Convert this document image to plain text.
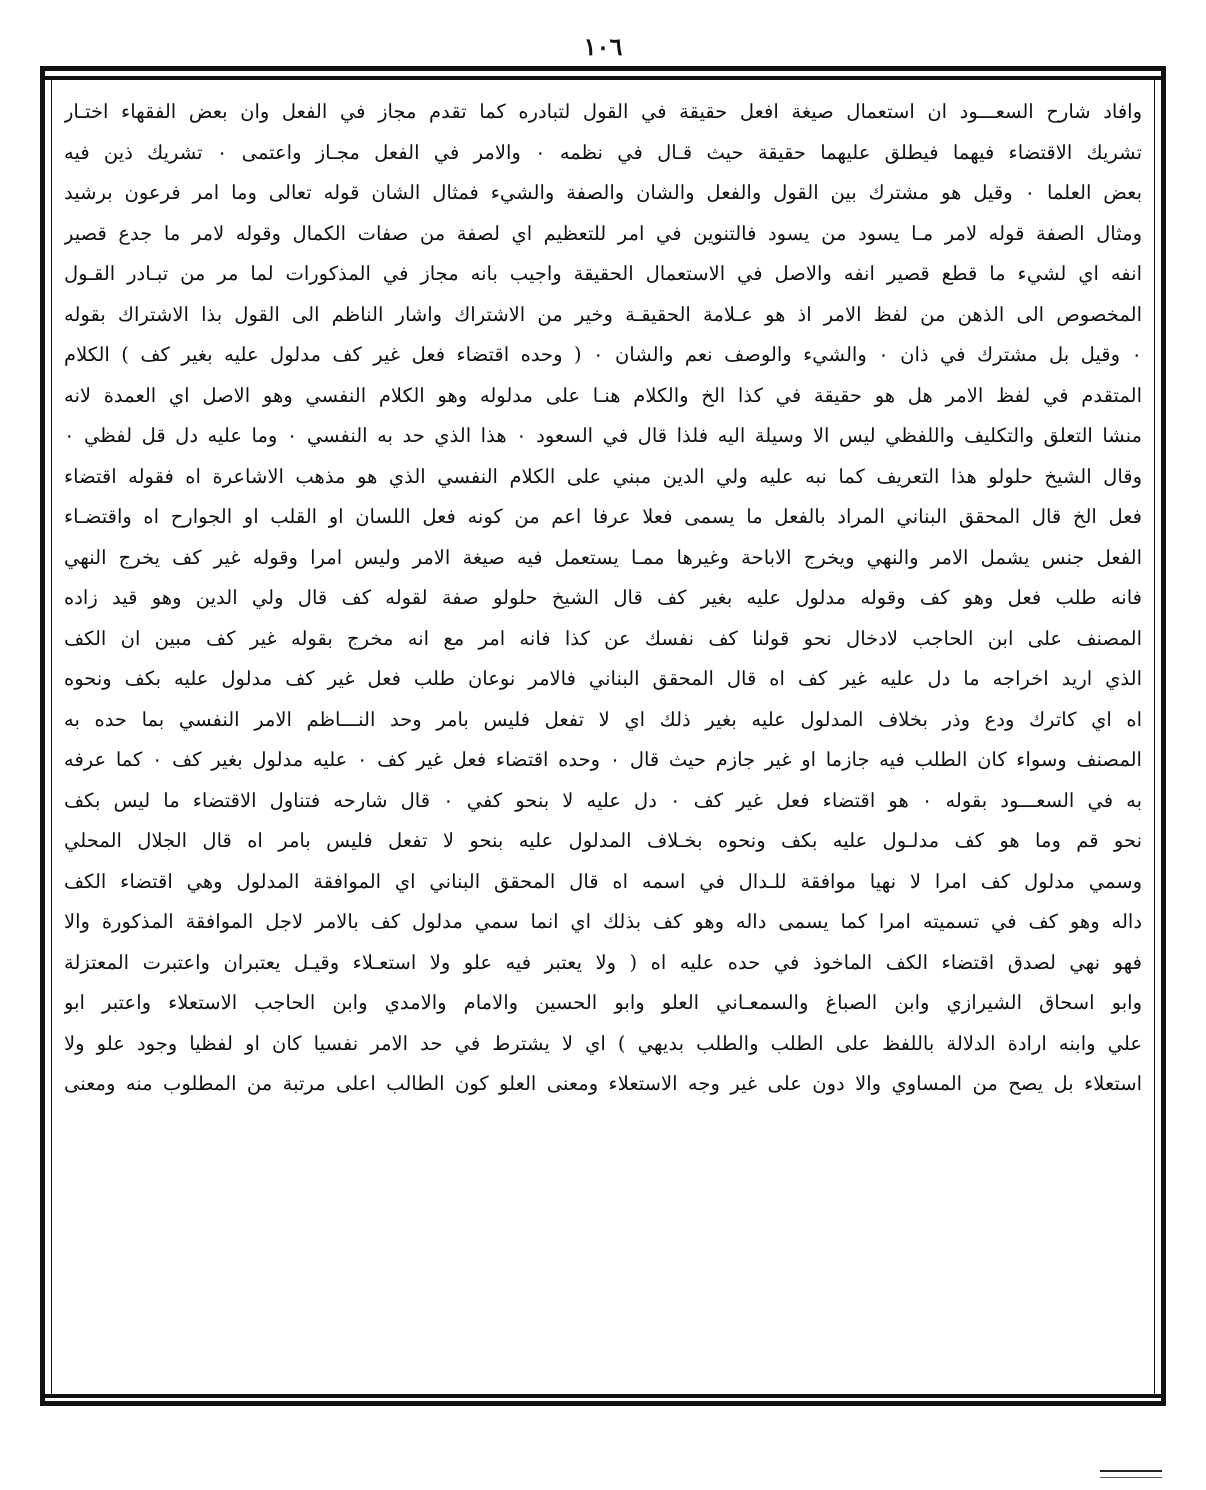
١٠٦
وافاد شارح السعـــود ان استعمال صيغة افعل حقيقة في القول لتبادره كما تقدم مجاز في الفعل وان بعض الفقهاء اختـار
تشريك الاقتضاء فيهما فيطلق عليهما حقيقة حيث قـال في نظمه ٠ والامر في الفعل مجـاز واعتمى ٠ تشريك ذين فيه
بعض العلما ٠ وقيل هو مشترك بين القول والفعل والشان والصفة والشيء فمثال الشان قوله تعالى وما امر فرعون برشيد
ومثال الصفة قوله لامر مـا يسود من يسود فالتنوين في امر للتعظيم اي لصفة من صفات الكمال وقوله لامر ما جدع قصير
انفه اي لشيء ما قطع قصير انفه والاصل في الاستعمال الحقيقة واجيب بانه مجاز في المذكورات لما مر من تبـادر القـول
المخصوص الى الذهن من لفظ الامر اذ هو عـلامة الحقيقـة وخير من الاشتراك واشار الناظم الى القول بذا الاشتراك بقوله
٠ وقيل بل مشترك في ذان ٠ والشيء والوصف نعم والشان ٠ ( وحده اقتضاء فعل غير كف مدلول عليه بغير كف ) الكلام
المتقدم في لفظ الامر هل هو حقيقة في كذا الخ والكلام هنـا على مدلوله وهو الكلام النفسي وهو الاصل اي العمدة لانه
منشا التعلق والتكليف واللفظي ليس الا وسيلة اليه فلذا قال في السعود ٠ هذا الذي حد به النفسي ٠ وما عليه دل قل لفظي ٠
وقال الشيخ حلولو هذا التعريف كما نبه عليه ولي الدين مبني على الكلام النفسي الذي هو مذهب الاشاعرة اه فقوله اقتضاء
فعل الخ قال المحقق البناني المراد بالفعل ما يسمى فعلا عرفا اعم من كونه فعل اللسان او القلب او الجوارح اه واقتضـاء
الفعل جنس يشمل الامر والنهي ويخرج الاباحة وغيرها ممـا يستعمل فيه صيغة الامر وليس امرا وقوله غير كف يخرج النهي
فانه طلب فعل وهو كف وقوله مدلول عليه بغير كف قال الشيخ حلولو صفة لقوله كف قال ولي الدين وهو قيد زاده
المصنف على ابن الحاجب لادخال نحو قولنا كف نفسك عن كذا فانه امر مع انه مخرج بقوله غير كف مبين ان الكف
الذي اريد اخراجه ما دل عليه غير كف اه قال المحقق البناني فالامر نوعان طلب فعل غير كف مدلول عليه بكف ونحوه
اه اي كاترك ودع وذر بخلاف المدلول عليه بغير ذلك اي لا تفعل فليس بامر وحد النـــاظم الامر النفسي بما حده به
المصنف وسواء كان الطلب فيه جازما او غير جازم حيث قال ٠ وحده اقتضاء فعل غير كف ٠ عليه مدلول بغير كف ٠ كما عرفه
به في السعـــود بقوله ٠ هو اقتضاء فعل غير كف ٠ دل عليه لا بنحو كفي ٠ قال شارحه فتناول الاقتضاء ما ليس بكف
نحو قم وما هو كف مدلـول عليه بكف ونحوه بخـلاف المدلول عليه بنحو لا تفعل فليس بامر اه قال الجلال المحلي
وسمي مدلول كف امرا لا نهيا موافقة للـدال في اسمه اه قال المحقق البناني اي الموافقة المدلول وهي اقتضاء الكف
داله وهو كف في تسميته امرا كما يسمى داله وهو كف بذلك اي انما سمي مدلول كف بالامر لاجل الموافقة المذكورة والا
فهو نهي لصدق اقتضاء الكف الماخوذ في حده عليه اه ( ولا يعتبر فيه علو ولا استعـلاء وقيـل يعتبران واعتبرت المعتزلة
وابو اسحاق الشيرازي وابن الصباغ والسمعـاني العلو وابو الحسين والامام والامدي وابن الحاجب الاستعلاء واعتبر ابو
علي وابنه ارادة الدلالة باللفظ على الطلب والطلب بديهي ) اي لا يشترط في حد الامر نفسيا كان او لفظيا وجود علو ولا
استعلاء بل يصح من المساوي والا دون على غير وجه الاستعلاء ومعنى العلو كون الطالب اعلى مرتبة من المطلوب منه ومعنى
